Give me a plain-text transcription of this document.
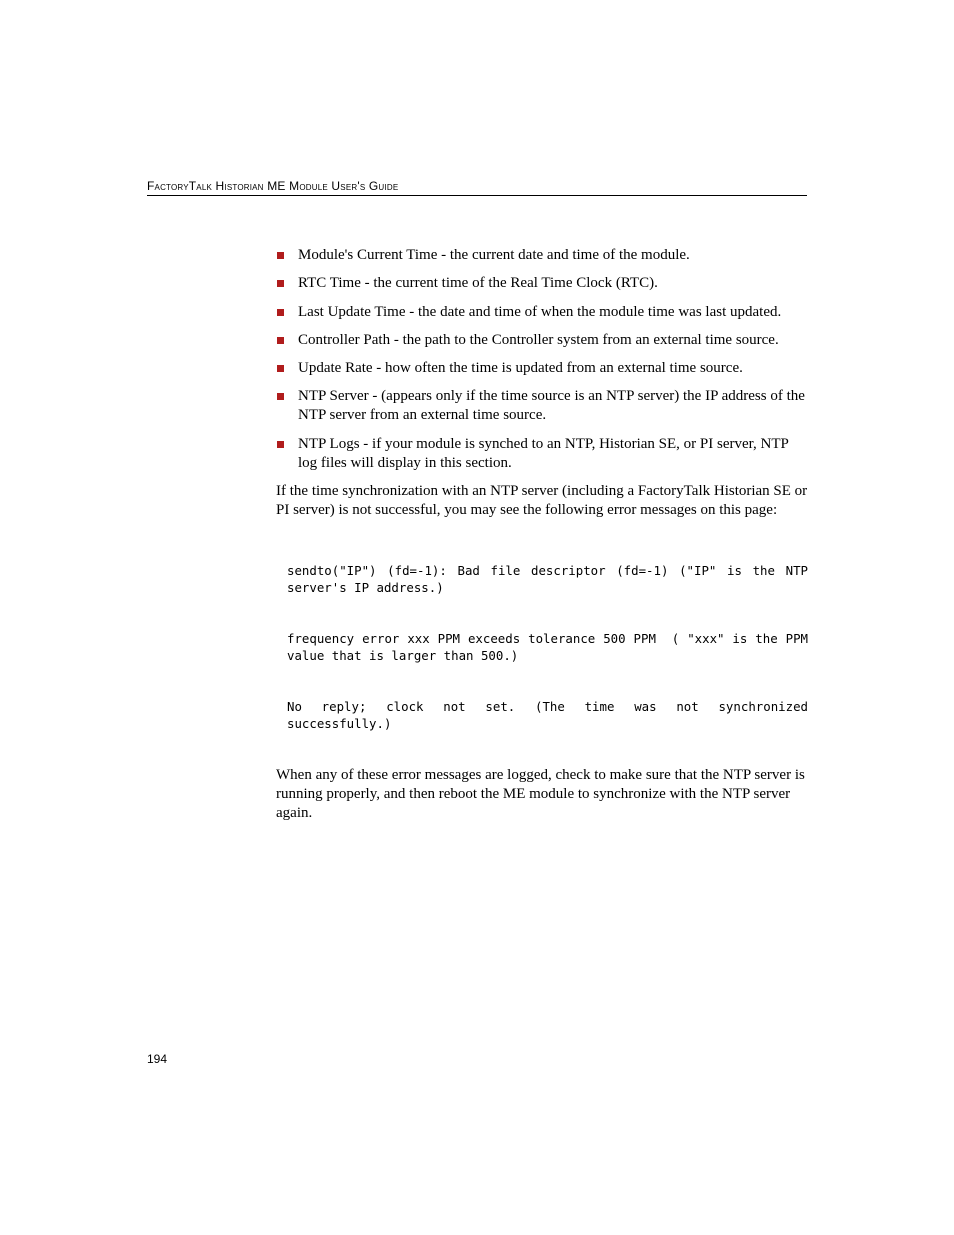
FactoryTalk Historian ME Module User's Guide
Module's Current Time - the current date and time of the module.
RTC Time - the current time of the Real Time Clock (RTC).
Last Update Time - the date and time of when the module time was last updated.
Controller Path - the path to the Controller system from an external time source.
Update Rate - how often the time is updated from an external time source.
NTP Server - (appears only if the time source is an NTP server) the IP address of the NTP server from an external time source.
NTP Logs - if your module is synched to an NTP, Historian SE, or PI server, NTP log files will display in this section.

If the time synchronization with an NTP server (including a FactoryTalk Historian SE or PI server) is not successful, you may see the following error messages on this page:

sendto("IP") (fd=-1): Bad file descriptor (fd=-1) ("IP" is the NTP server's IP address.)

frequency error xxx PPM exceeds tolerance 500 PPM  ( "xxx" is the PPM value that is larger than 500.)

No reply; clock not set. (The time was not synchronized successfully.)

When any of these error messages are logged, check to make sure that the NTP server is running properly, and then reboot the ME module to synchronize with the NTP server again.

194
